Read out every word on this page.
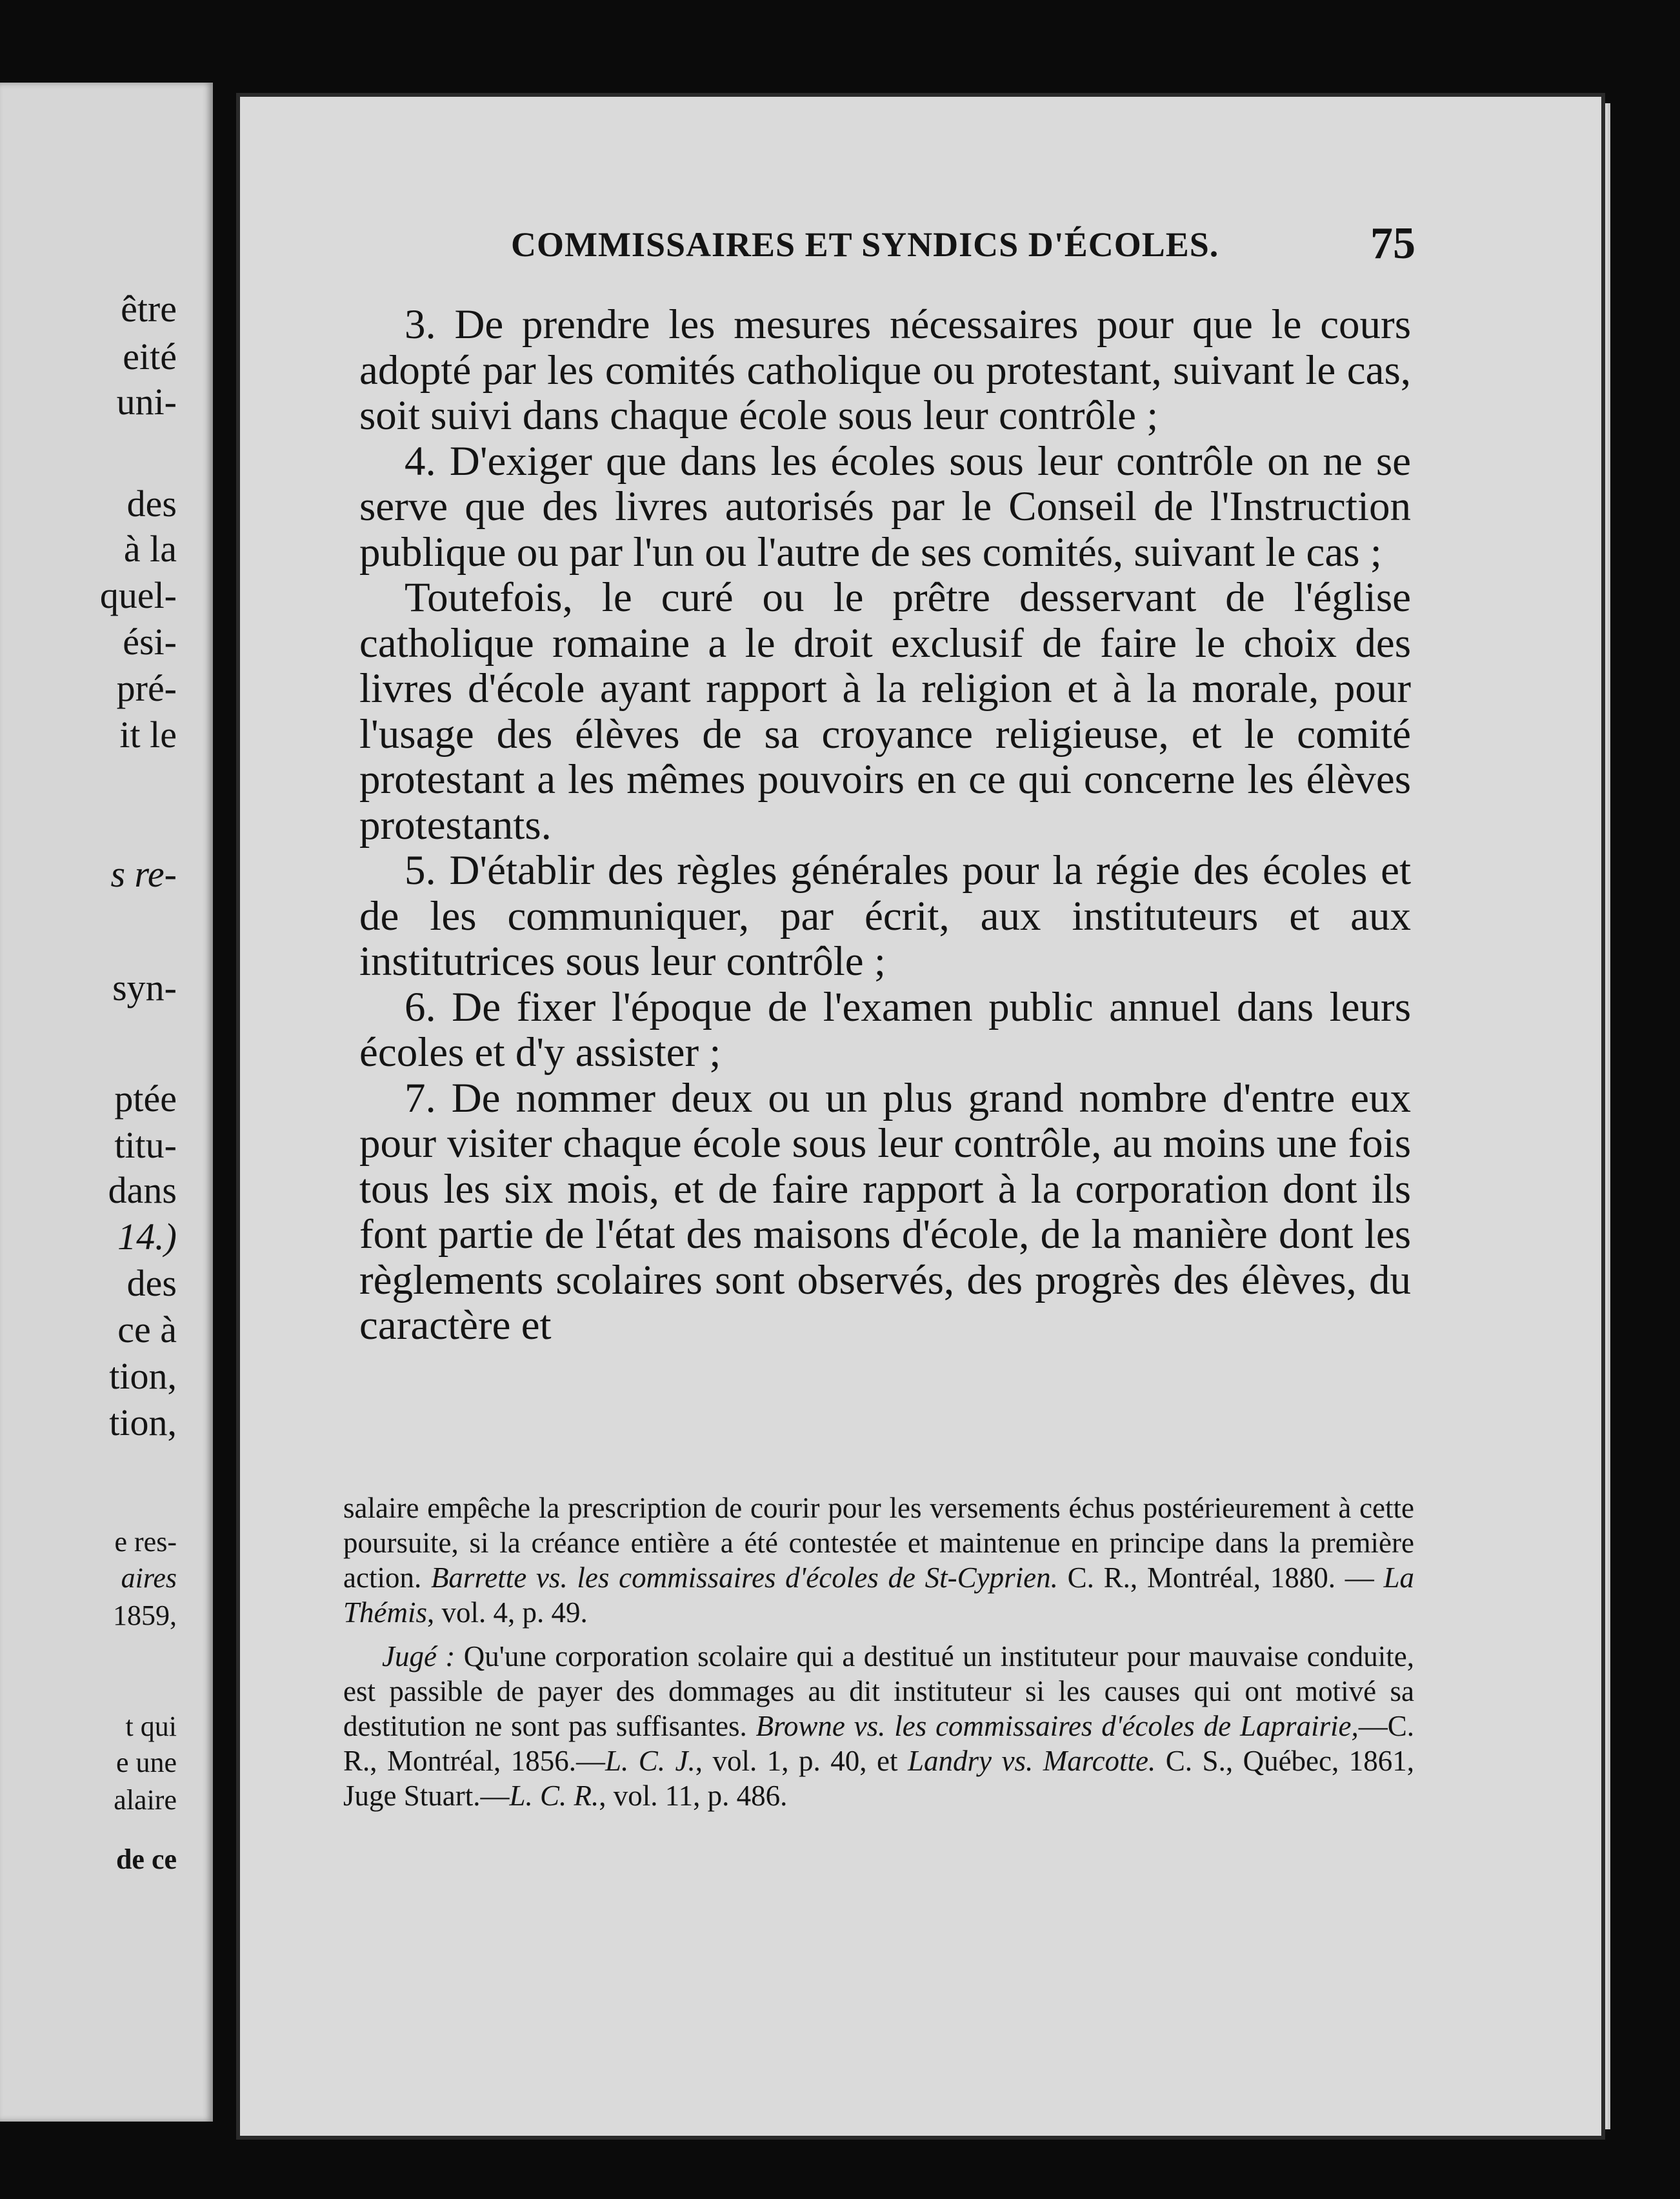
être

eité

uni-

des

à la

quel-

ési-

pré-

it le

s re-

syn-

ptée

titu-

dans

14.)

des

ce à

tion,

tion,

e res-

aires

1859,

t qui

e une

alaire

de ce

COMMISSAIRES ET SYNDICS D'ÉCOLES.	75

3. De prendre les mesures nécessaires pour que le cours adopté par les comités catholique ou protestant, suivant le cas, soit suivi dans chaque école sous leur contrôle ;

4. D'exiger que dans les écoles sous leur contrôle on ne se serve que des livres autorisés par le Conseil de l'Instruction publique ou par l'un ou l'autre de ses comités, suivant le cas ;

Toutefois, le curé ou le prêtre desservant de l'église catholique romaine a le droit exclusif de faire le choix des livres d'école ayant rapport à la religion et à la morale, pour l'usage des élèves de sa croyance religieuse, et le comité protestant a les mêmes pouvoirs en ce qui concerne les élèves protestants.

5. D'établir des règles générales pour la régie des écoles et de les communiquer, par écrit, aux instituteurs et aux institutrices sous leur contrôle ;

6. De fixer l'époque de l'examen public annuel dans leurs écoles et d'y assister ;

7. De nommer deux ou un plus grand nombre d'entre eux pour visiter chaque école sous leur contrôle, au moins une fois tous les six mois, et de faire rapport à la corporation dont ils font partie de l'état des maisons d'école, de la manière dont les règlements scolaires sont observés, des progrès des élèves, du caractère et

salaire empêche la prescription de courir pour les versements échus postérieurement à cette poursuite, si la créance entière a été contestée et maintenue en principe dans la première action. Barrette vs. les commissaires d'écoles de St-Cyprien. C. R., Montréal, 1880. — La Thémis, vol. 4, p. 49.

Jugé : Qu'une corporation scolaire qui a destitué un instituteur pour mauvaise conduite, est passible de payer des dommages au dit instituteur si les causes qui ont motivé sa destitution ne sont pas suffisantes. Browne vs. les commissaires d'écoles de Laprairie,—C. R., Montréal, 1856.—L. C. J., vol. 1, p. 40, et Landry vs. Marcotte. C. S., Québec, 1861, Juge Stuart.—L. C. R., vol. 11, p. 486.
